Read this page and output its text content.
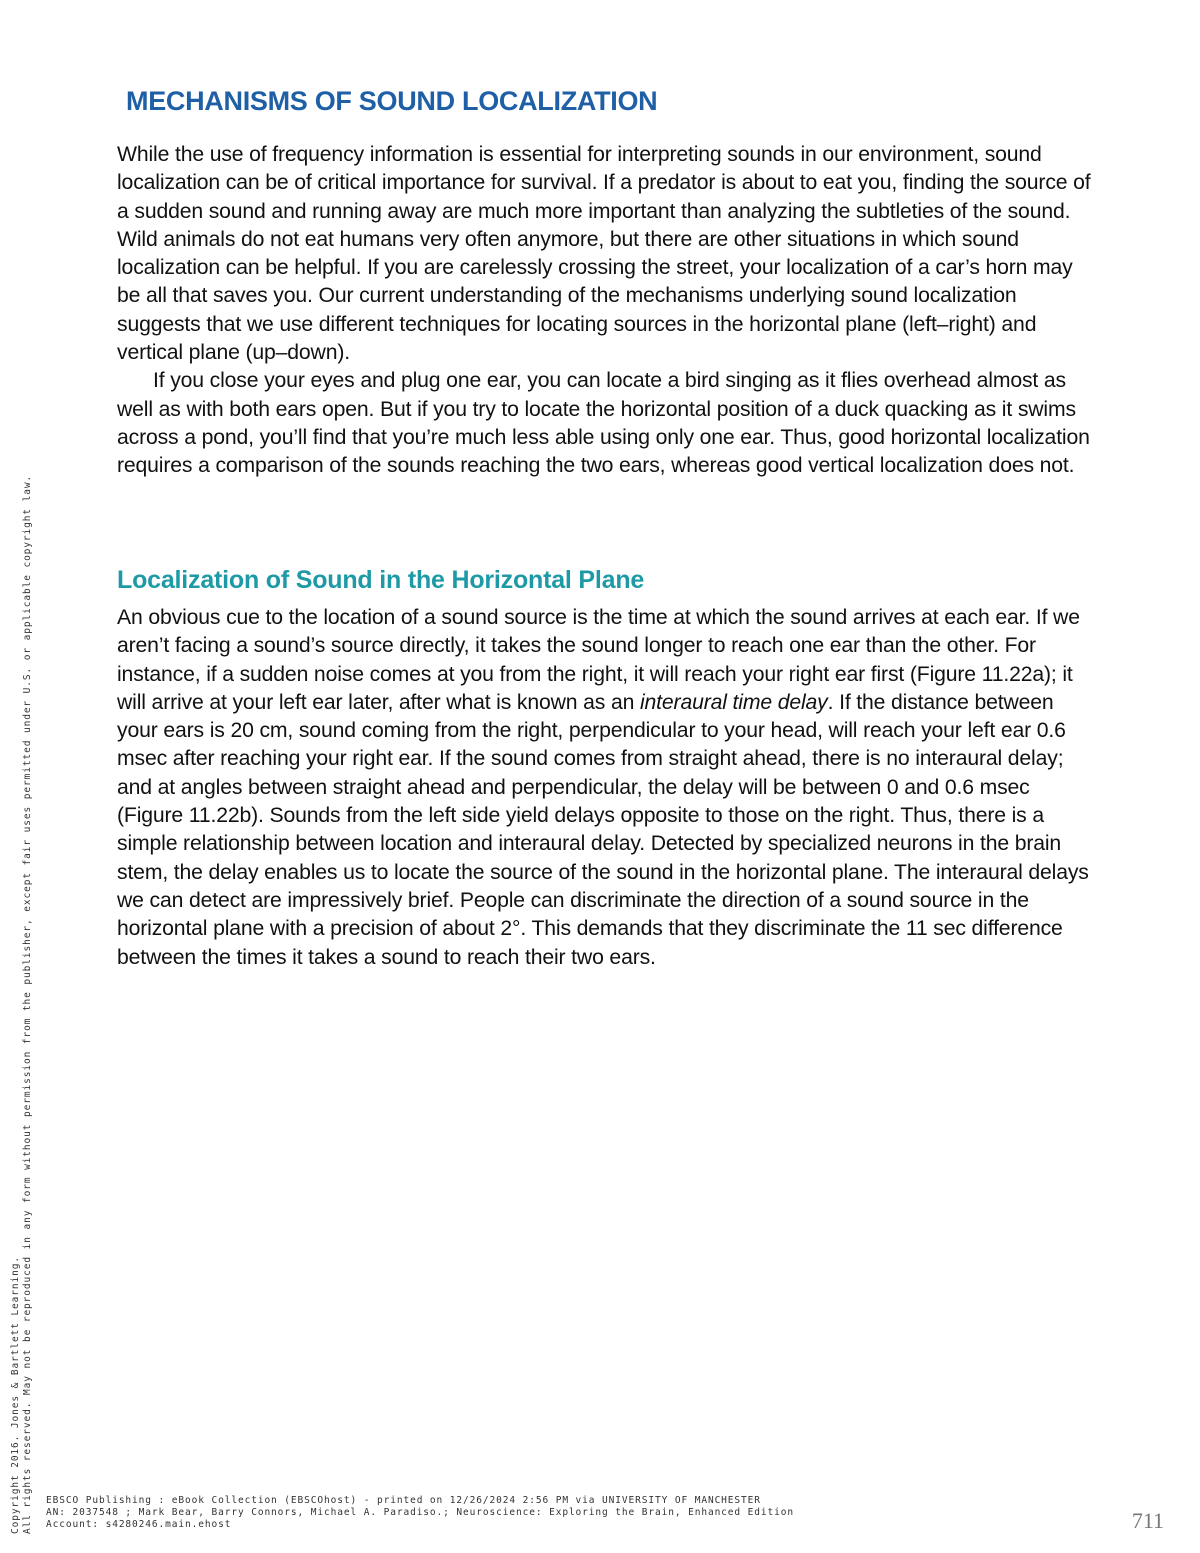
MECHANISMS OF SOUND LOCALIZATION

While the use of frequency information is essential for interpreting sounds in our environment, sound localization can be of critical importance for survival. If a predator is about to eat you, finding the source of a sudden sound and running away are much more important than analyzing the subtleties of the sound. Wild animals do not eat humans very often anymore, but there are other situations in which sound localization can be helpful. If you are carelessly crossing the street, your localization of a car’s horn may be all that saves you. Our current understanding of the mechanisms underlying sound localization suggests that we use different techniques for locating sources in the horizontal plane (left–right) and vertical plane (up–down).

If you close your eyes and plug one ear, you can locate a bird singing as it flies overhead almost as well as with both ears open. But if you try to locate the horizontal position of a duck quacking as it swims across a pond, you’ll find that you’re much less able using only one ear. Thus, good horizontal localization requires a comparison of the sounds reaching the two ears, whereas good vertical localization does not.

Localization of Sound in the Horizontal Plane

An obvious cue to the location of a sound source is the time at which the sound arrives at each ear. If we aren’t facing a sound’s source directly, it takes the sound longer to reach one ear than the other. For instance, if a sudden noise comes at you from the right, it will reach your right ear first (Figure 11.22a); it will arrive at your left ear later, after what is known as an interaural time delay. If the distance between your ears is 20 cm, sound coming from the right, perpendicular to your head, will reach your left ear 0.6 msec after reaching your right ear. If the sound comes from straight ahead, there is no interaural delay; and at angles between straight ahead and perpendicular, the delay will be between 0 and 0.6 msec (Figure 11.22b). Sounds from the left side yield delays opposite to those on the right. Thus, there is a simple relationship between location and interaural delay. Detected by specialized neurons in the brain stem, the delay enables us to locate the source of the sound in the horizontal plane. The interaural delays we can detect are impressively brief. People can discriminate the direction of a sound source in the horizontal plane with a precision of about 2°. This demands that they discriminate the 11 sec difference between the times it takes a sound to reach their two ears.

Copyright 2016. Jones & Bartlett Learning. All rights reserved. May not be reproduced in any form without permission from the publisher, except fair uses permitted under U.S. or applicable copyright law. EBSCO Publishing : eBook Collection (EBSCOhost) - printed on 12/26/2024 2:56 PM via UNIVERSITY OF MANCHESTER
AN: 2037548 ; Mark Bear, Barry Connors, Michael A. Paradiso.; Neuroscience: Exploring the Brain, Enhanced Edition
Account: s4280246.main.ehost	711
